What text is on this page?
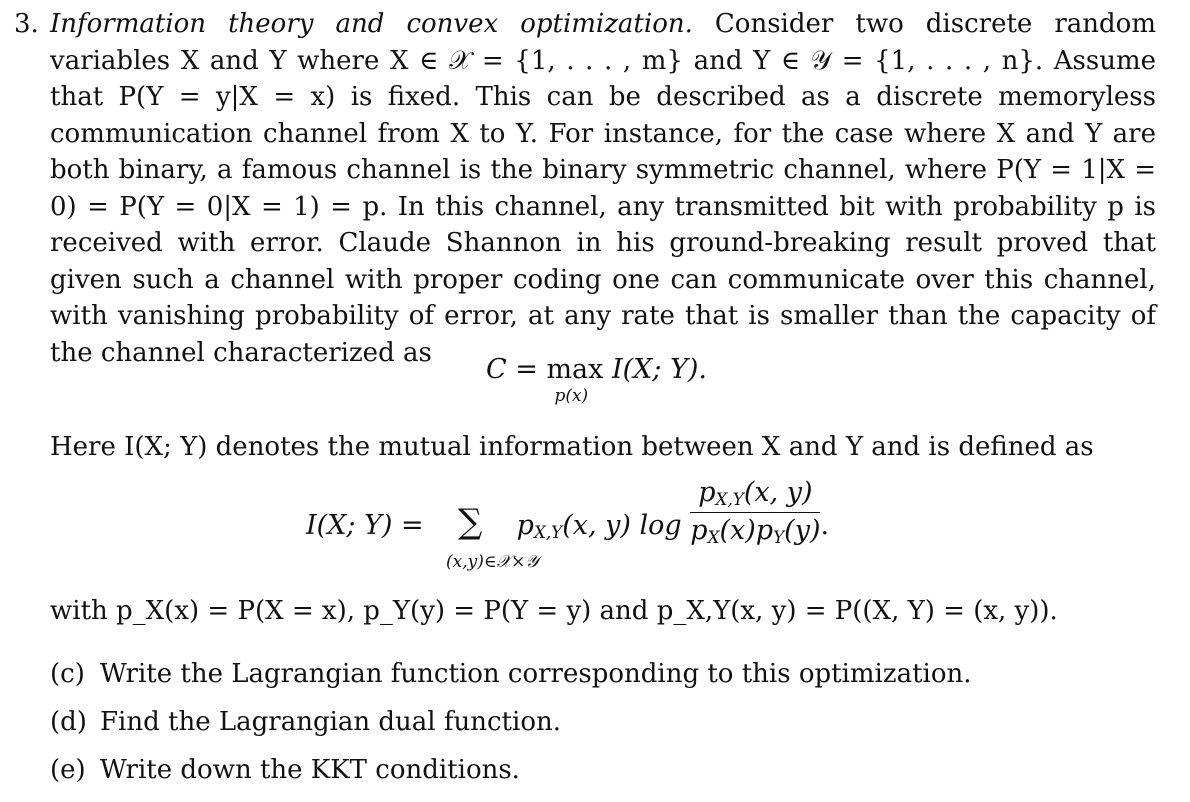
3. Information theory and convex optimization. Consider two discrete random variables X and Y where X ∈ 𝒳 = {1, . . . , m} and Y ∈ 𝒴 = {1, . . . , n}. Assume that P(Y = y|X = x) is fixed. This can be described as a discrete memoryless communication channel from X to Y. For instance, for the case where X and Y are both binary, a famous channel is the binary symmetric channel, where P(Y = 1|X = 0) = P(Y = 0|X = 1) = p. In this channel, any transmitted bit with probability p is received with error. Claude Shannon in his ground-breaking result proved that given such a channel with proper coding one can communicate over this channel, with vanishing probability of error, at any rate that is smaller than the capacity of the channel characterized as
C = max
p(x)
I(X; Y).
Here I(X; Y) denotes the mutual information between X and Y and is defined as
I(X; Y) = ∑ $p_{X,Y}(x$, y) $\log \frac{p_{X,Y}(x, y)}{p_X(x)p_Y(y)}$ .
(x,y)∈𝒳×𝒴
with p_X(x) = P(X = x), p_Y(y) = P(Y = y) and p_X,Y(x, y) = P((X, Y) = (x, y)).
(c) Write the Lagrangian function corresponding to this optimization.
(d) Find the Lagrangian dual function.
(e) Write down the KKT conditions.
